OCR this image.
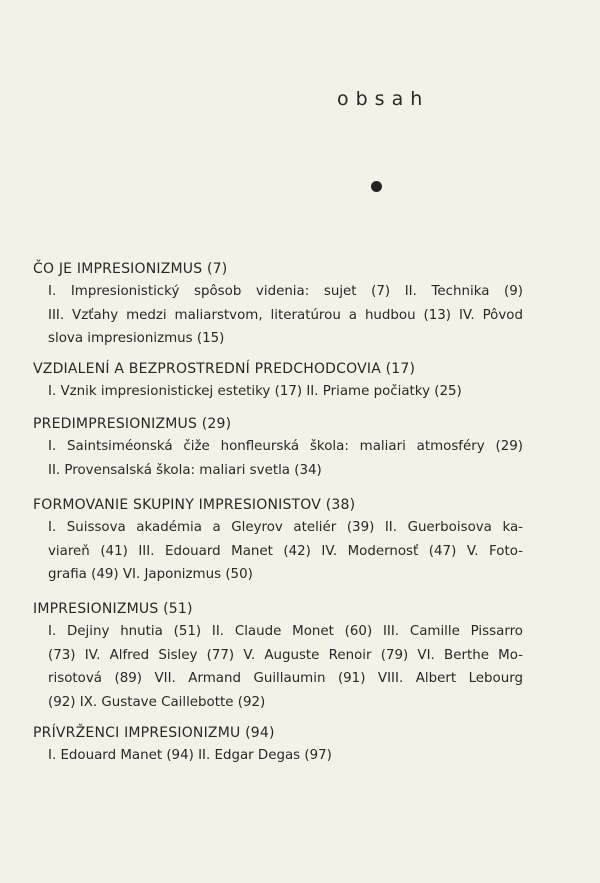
obsah
ČO JE IMPRESIONIZMUS (7)
I. Impresionistický spôsob videnia: sujet (7) II. Technika (9)
III. Vzťahy medzi maliarstvom, literatúrou a hudbou (13) IV. Pôvod
slova impresionizmus (15)
VZDIALENÍ A BEZPROSTREDNÍ PREDCHODCOVIA (17)
I. Vznik impresionistickej estetiky (17) II. Priame počiatky (25)
PREDIMPRESIONIZMUS (29)
I. Saintsiméonská čiže honfleurská škola: maliari atmosféry (29)
II. Provensalská škola: maliari svetla (34)
FORMOVANIE SKUPINY IMPRESIONISTOV (38)
I. Suissova akadémia a Gleyrov ateliér (39) II. Guerboisova ka-
viareň (41) III. Edouard Manet (42) IV. Modernosť (47) V. Foto-
grafia (49) VI. Japonizmus (50)
IMPRESIONIZMUS (51)
I. Dejiny hnutia (51) II. Claude Monet (60) III. Camille Pissarro
(73) IV. Alfred Sisley (77) V. Auguste Renoir (79) VI. Berthe Mo-
risotová (89) VII. Armand Guillaumin (91) VIII. Albert Lebourg
(92) IX. Gustave Caillebotte (92)
PRÍVRŽENCI IMPRESIONIZMU (94)
I. Edouard Manet (94) II. Edgar Degas (97)
